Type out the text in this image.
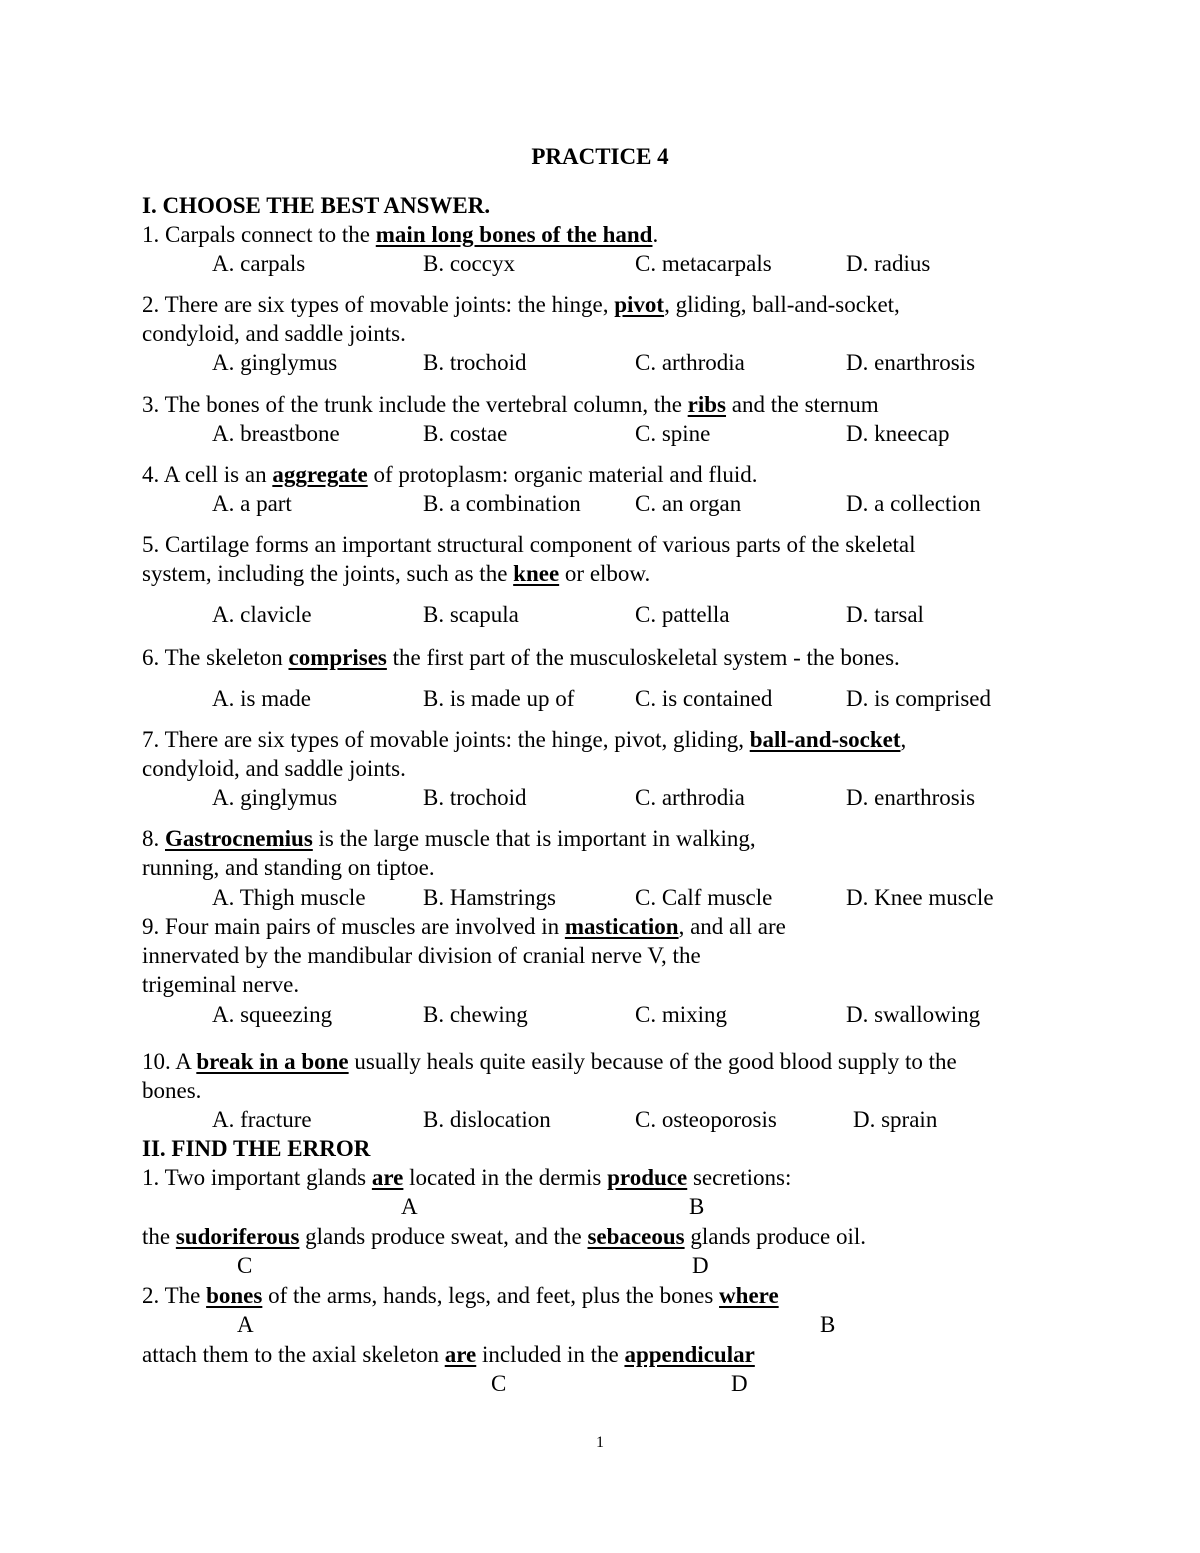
PRACTICE 4
I. CHOOSE THE BEST ANSWER.
1. Carpals connect to the main long bones of the hand.
A. carpals	B. coccyx	C. metacarpals	D. radius
2. There are six types of movable joints: the hinge, pivot, gliding, ball-and-socket,
condyloid, and saddle joints.
A. ginglymus	B. trochoid	C. arthrodia	D. enarthrosis
3. The bones of the trunk include the vertebral column, the ribs and the sternum
A. breastbone	B. costae	C. spine	D. kneecap
4. A cell is an aggregate of protoplasm: organic material and fluid.
A. a part	B. a combination C. an organ	D. a collection
5. Cartilage forms an important structural component of various parts of the skeletal
system, including the joints, such as the knee or elbow.
A. clavicle	B. scapula	C. pattella	D. tarsal
6. The skeleton comprises the first part of the musculoskeletal system - the bones.
A. is made	B. is made up of	C. is contained	D. is comprised
7. There are six types of movable joints: the hinge, pivot, gliding, ball-and-socket,
condyloid, and saddle joints.
A. ginglymus	B. trochoid	C. arthrodia	D. enarthrosis
8. Gastrocnemius is the large muscle that is important in walking,
running, and standing on tiptoe.
A. Thigh muscle B. Hamstrings	C. Calf muscle	D. Knee muscle
9. Four main pairs of muscles are involved in mastication, and all are
innervated by the mandibular division of cranial nerve V, the
trigeminal nerve.
A. squeezing	B. chewing	C. mixing	D. swallowing
10. A break in a bone usually heals quite easily because of the good blood supply to the
bones.
A. fracture	B. dislocation	C. osteoporosis	D. sprain
II. FIND THE ERROR
1. Two important glands are located in the dermis produce secretions:
A	B
the sudoriferous glands produce sweat, and the sebaceous glands produce oil.
C	D
2. The bones of the arms, hands, legs, and feet, plus the bones where
A	B
attach them to the axial skeleton are included in the appendicular
C	D
1
